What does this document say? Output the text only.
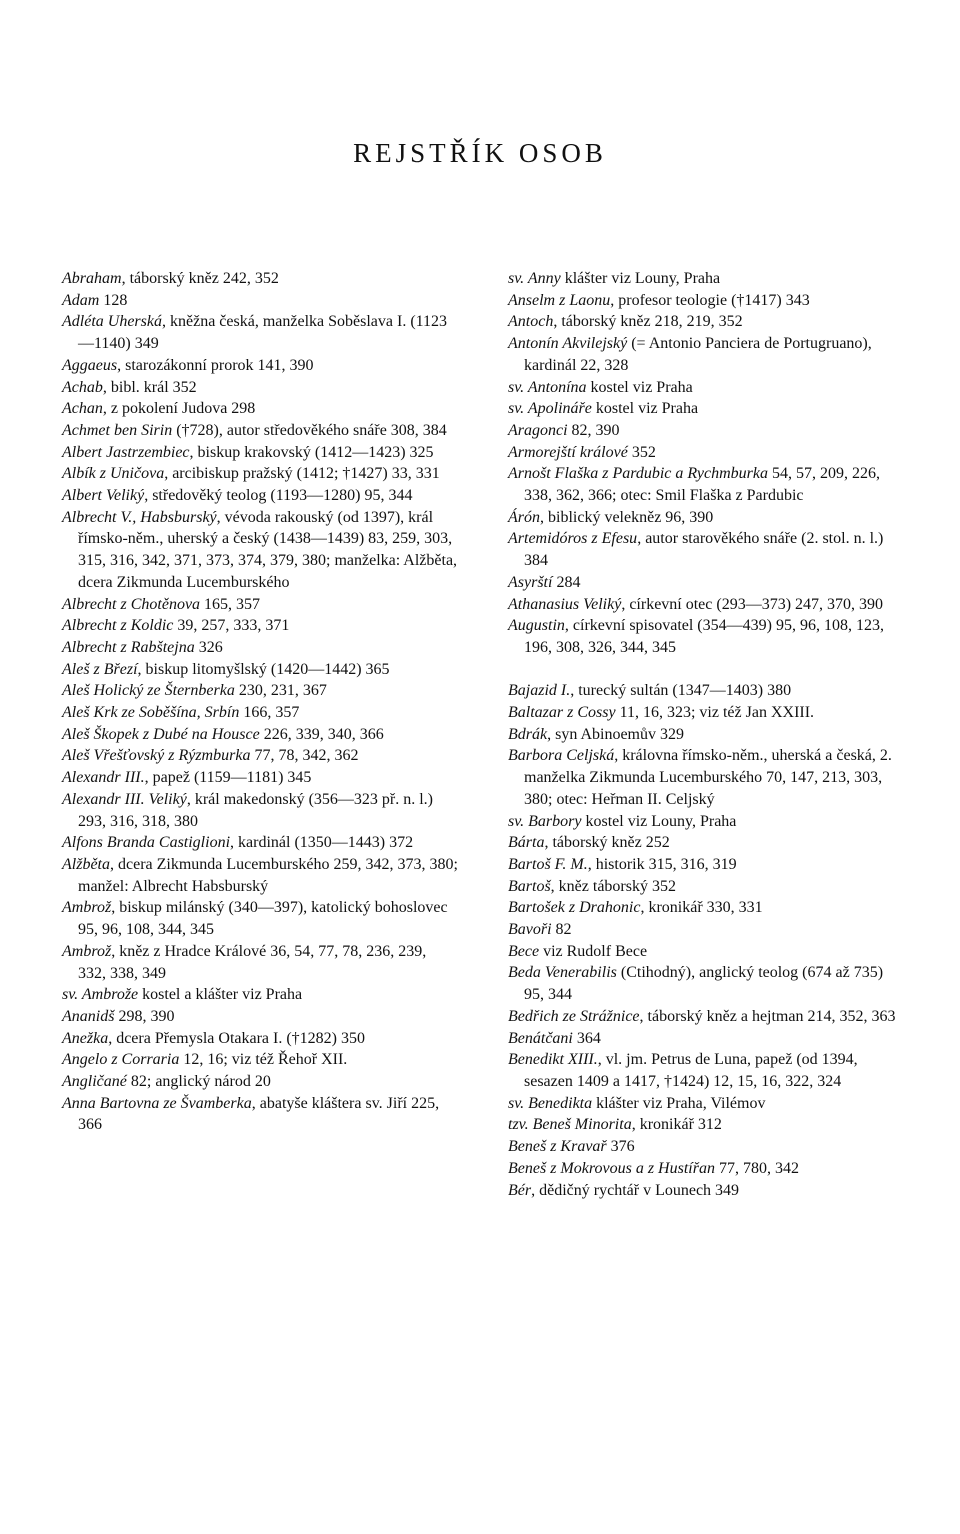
REJSTŘÍK OSOB
Abraham, táborský kněz 242, 352
Adam 128
Adléta Uherská, kněžna česká, manželka Soběslava I. (1123—1140) 349
Aggaeus, starozákonní prorok 141, 390
Achab, bibl. král 352
Achan, z pokolení Judova 298
Achmet ben Sirin (†728), autor středověkého snáře 308, 384
Albert Jastrzembiec, biskup krakovský (1412—1423) 325
Albík z Uničova, arcibiskup pražský (1412; †1427) 33, 331
Albert Veliký, středověký teolog (1193—1280) 95, 344
Albrecht V., Habsburský, vévoda rakouský (od 1397), král římsko-něm., uherský a český (1438—1439) 83, 259, 303, 315, 316, 342, 371, 373, 374, 379, 380; manželka: Alžběta, dcera Zikmunda Lucemburského
Albrecht z Chotěnova 165, 357
Albrecht z Koldic 39, 257, 333, 371
Albrecht z Rabštejna 326
Aleš z Březí, biskup litomyšlský (1420—1442) 365
Aleš Holický ze Šternberka 230, 231, 367
Aleš Krk ze Soběšína, Srbín 166, 357
Aleš Škopek z Dubé na Housce 226, 339, 340, 366
Aleš Vřešťovský z Rýzmburka 77, 78, 342, 362
Alexandr III., papež (1159—1181) 345
Alexandr III. Veliký, král makedonský (356—323 př. n. l.) 293, 316, 318, 380
Alfons Branda Castiglioni, kardinál (1350—1443) 372
Alžběta, dcera Zikmunda Lucemburského 259, 342, 373, 380; manžel: Albrecht Habsburský
Ambrož, biskup milánský (340—397), katolický bohoslovec 95, 96, 108, 344, 345
Ambrož, kněz z Hradce Králové 36, 54, 77, 78, 236, 239, 332, 338, 349
sv. Ambrože kostel a klášter viz Praha
Ananidš 298, 390
Anežka, dcera Přemysla Otakara I. (†1282) 350
Angelo z Corraria 12, 16; viz též Řehoř XII.
Angličané 82; anglický národ 20
Anna Bartovna ze Švamberka, abatyše kláštera sv. Jiří 225, 366
sv. Anny klášter viz Louny, Praha
Anselm z Laonu, profesor teologie (†1417) 343
Antoch, táborský kněz 218, 219, 352
Antonín Akvilejský (= Antonio Panciera de Portugruano), kardinál 22, 328
sv. Antonína kostel viz Praha
sv. Apolináře kostel viz Praha
Aragonci 82, 390
Armorejští králové 352
Arnošt Flaška z Pardubic a Rychmburka 54, 57, 209, 226, 338, 362, 366; otec: Smil Flaška z Pardubic
Árón, biblický velekněz 96, 390
Artemidóros z Efesu, autor starověkého snáře (2. stol. n. l.) 384
Asyrští 284
Athanasius Veliký, církevní otec (293—373) 247, 370, 390
Augustin, církevní spisovatel (354—439) 95, 96, 108, 123, 196, 308, 326, 344, 345
Bajazid I., turecký sultán (1347—1403) 380
Baltazar z Cossy 11, 16, 323; viz též Jan XXIII.
Bdrák, syn Abinoemův 329
Barbora Celjská, královna římsko-něm., uherská a česká, 2. manželka Zikmunda Lucemburského 70, 147, 213, 303, 380; otec: Heřman II. Celjský
sv. Barbory kostel viz Louny, Praha
Bárta, táborský kněz 252
Bartoš F. M., historik 315, 316, 319
Bartoš, kněz táborský 352
Bartošek z Drahonic, kronikář 330, 331
Bavoři 82
Bece viz Rudolf Bece
Beda Venerabilis (Ctihodný), anglický teolog (674 až 735) 95, 344
Bedřich ze Strážnice, táborský kněz a hejtman 214, 352, 363
Benátčani 364
Benedikt XIII., vl. jm. Petrus de Luna, papež (od 1394, sesazen 1409 a 1417, †1424) 12, 15, 16, 322, 324
sv. Benedikta klášter viz Praha, Vilémov
tzv. Beneš Minorita, kronikář 312
Beneš z Kravař 376
Beneš z Mokrovous a z Hustířan 77, 780, 342
Bér, dědičný rychtář v Lounech 349
